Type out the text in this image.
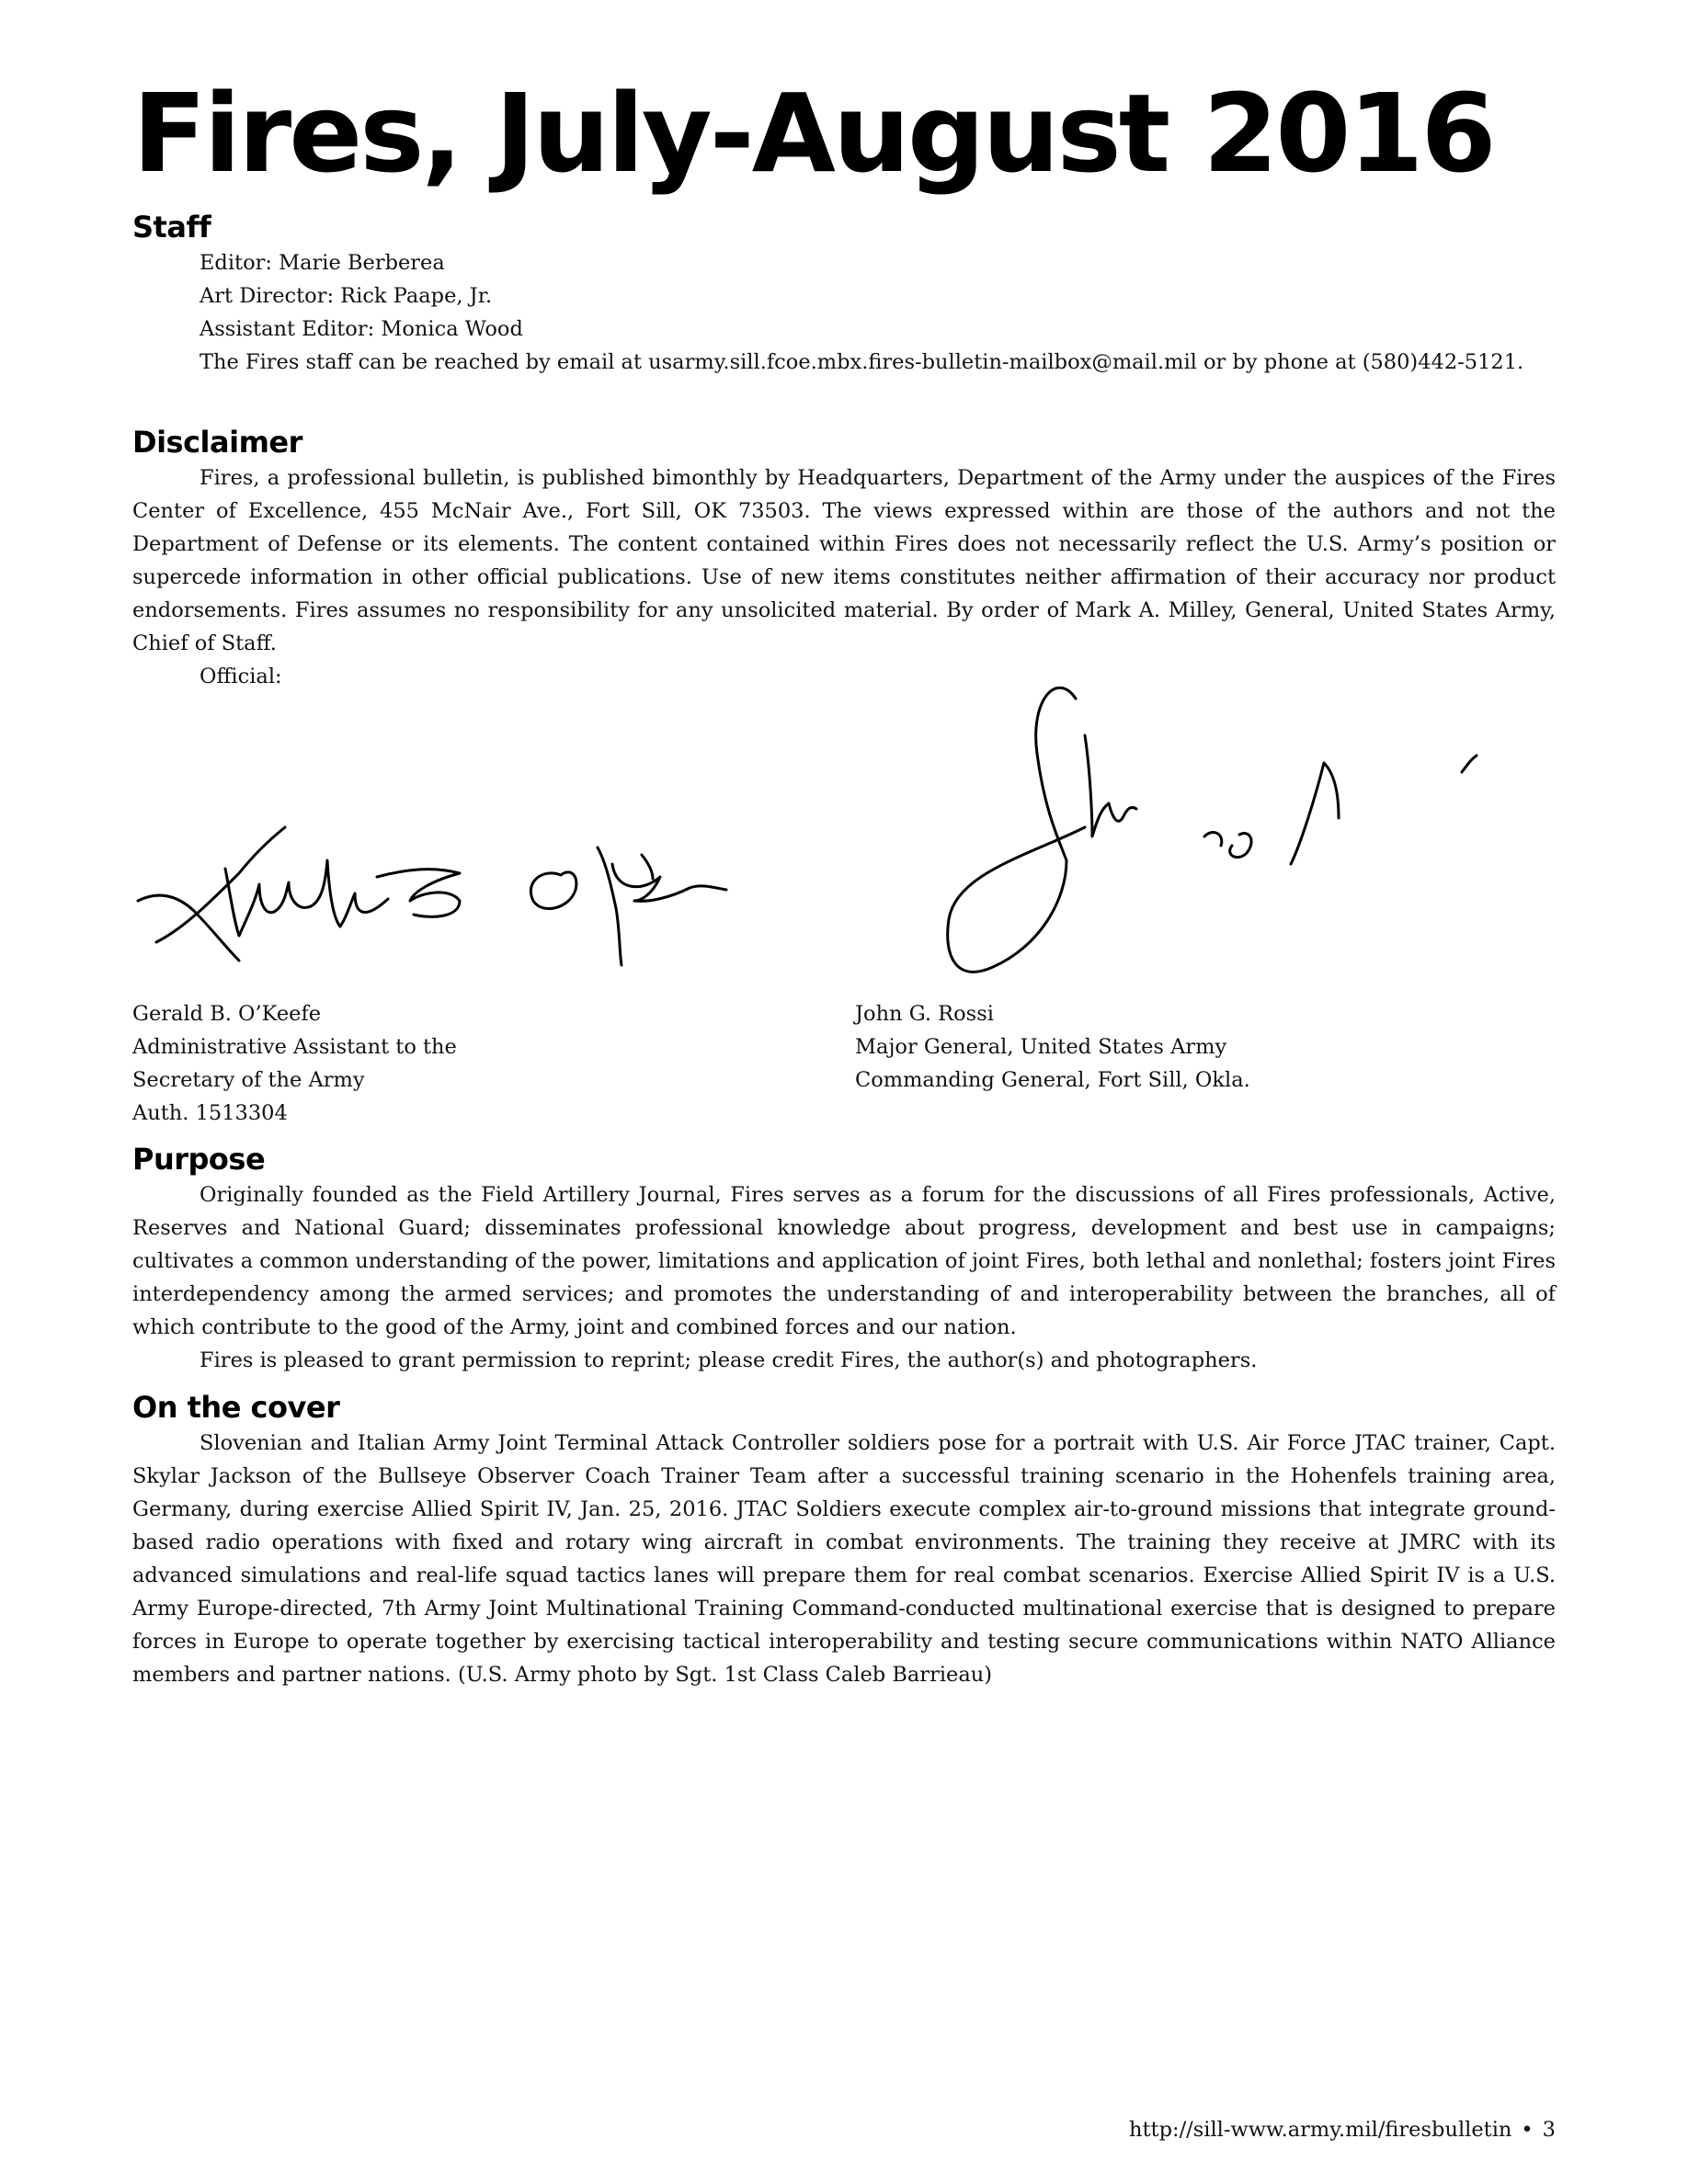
Fires, July-August 2016
Staff

Editor: Marie Berberea

Art Director: Rick Paape, Jr.

Assistant Editor: Monica Wood

The Fires staff can be reached by email at usarmy.sill.fcoe.mbx.fires-bulletin-mailbox@mail.mil or by phone at (580)442-5121.

Disclaimer

Fires, a professional bulletin, is published bimonthly by Headquarters, Department of the Army under the auspices of the Fires Center of Excellence, 455 McNair Ave., Fort Sill, OK 73503. The views expressed within are those of the authors and not the Department of Defense or its elements. The content contained within Fires does not necessarily reflect the U.S. Army’s position or supercede information in other official publications. Use of new items constitutes neither affirmation of their accuracy nor product endorsements. Fires assumes no responsibility for any unsolicited material. By order of Mark A. Milley, General, United States Army, Chief of Staff.

Official:

Gerald B. O’Keefe
Administrative Assistant to the
Secretary of the Army
Auth. 1513304
John G. Rossi
Major General, United States Army
Commanding General, Fort Sill, Okla.
Purpose

Originally founded as the Field Artillery Journal, Fires serves as a forum for the discussions of all Fires professionals, Active, Reserves and National Guard; disseminates professional knowledge about progress, development and best use in campaigns; cultivates a common understanding of the power, limitations and application of joint Fires, both lethal and nonlethal; fosters joint Fires interdependency among the armed services; and promotes the understanding of and interoperability between the branches, all of which contribute to the good of the Army, joint and combined forces and our nation.

Fires is pleased to grant permission to reprint; please credit Fires, the author(s) and photographers.

On the cover

Slovenian and Italian Army Joint Terminal Attack Controller soldiers pose for a portrait with U.S. Air Force JTAC trainer, Capt. Skylar Jackson of the Bullseye Observer Coach Trainer Team after a successful training scenario in the Hohenfels training area, Germany, during exercise Allied Spirit IV, Jan. 25, 2016. JTAC Soldiers execute complex air-to-ground missions that integrate ground-based radio operations with fixed and rotary wing aircraft in combat environments. The training they receive at JMRC with its advanced simulations and real-life squad tactics lanes will prepare them for real combat scenarios. Exercise Allied Spirit IV is a U.S. Army Europe-directed, 7th Army Joint Multinational Training Command-conducted multinational exercise that is designed to prepare forces in Europe to operate together by exercising tactical interoperability and testing secure communications within NATO Alliance members and partner nations. (U.S. Army photo by Sgt. 1st Class Caleb Barrieau)

http://sill-www.army.mil/firesbulletin • 3
